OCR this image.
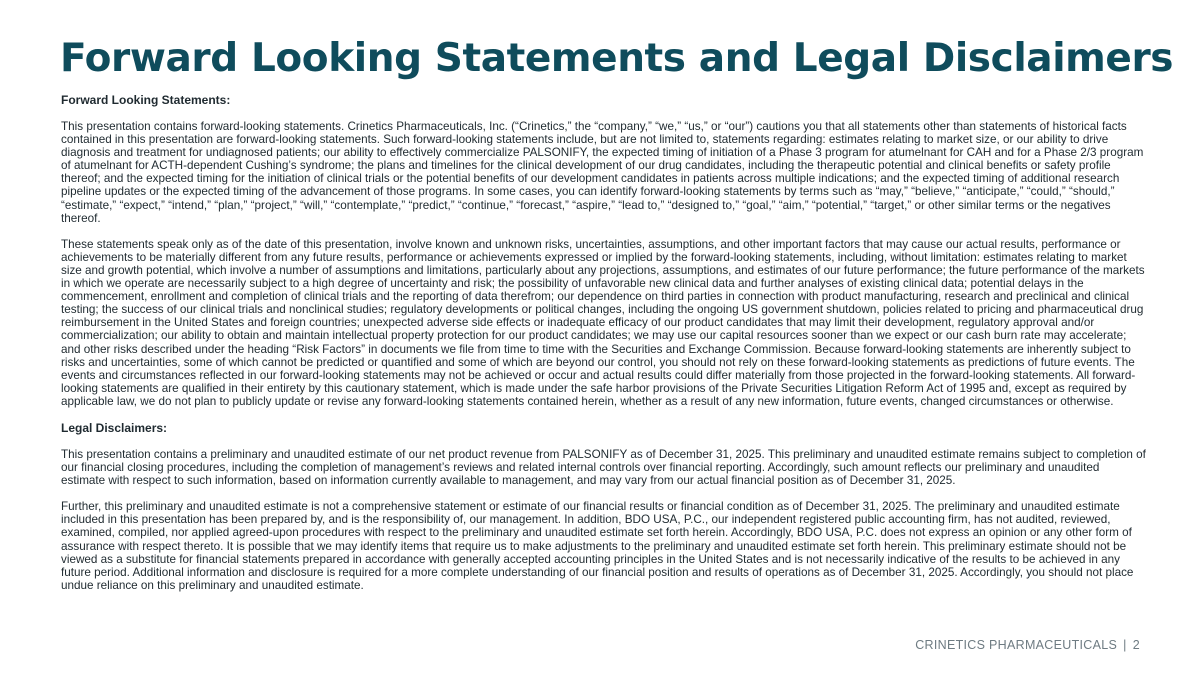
Forward Looking Statements and Legal Disclaimers
Forward Looking Statements:

This presentation contains forward-looking statements. Crinetics Pharmaceuticals, Inc. (“Crinetics,” the “company,” “we,” “us,” or “our”) cautions you that all statements other than statements of historical facts contained in this presentation are forward-looking statements. Such forward-looking statements include, but are not limited to, statements regarding: estimates relating to market size, or our ability to drive diagnosis and treatment for undiagnosed patients; our ability to effectively commercialize PALSONIFY, the expected timing of initiation of a Phase 3 program for atumelnant for CAH and for a Phase 2/3 program of atumelnant for ACTH-dependent Cushing’s syndrome; the plans and timelines for the clinical development of our drug candidates, including the therapeutic potential and clinical benefits or safety profile thereof; and the expected timing for the initiation of clinical trials or the potential benefits of our development candidates in patients across multiple indications; and the expected timing of additional research pipeline updates or the expected timing of the advancement of those programs. In some cases, you can identify forward-looking statements by terms such as “may,” “believe,” “anticipate,” “could,” “should,” “estimate,” “expect,” “intend,” “plan,” “project,” “will,” “contemplate,” “predict,” “continue,” “forecast,” “aspire,” “lead to,” “designed to,” “goal,” “aim,” “potential,” “target,” or other similar terms or the negatives thereof.

These statements speak only as of the date of this presentation, involve known and unknown risks, uncertainties, assumptions, and other important factors that may cause our actual results, performance or achievements to be materially different from any future results, performance or achievements expressed or implied by the forward-looking statements, including, without limitation: estimates relating to market size and growth potential, which involve a number of assumptions and limitations, particularly about any projections, assumptions, and estimates of our future performance; the future performance of the markets in which we operate are necessarily subject to a high degree of uncertainty and risk; the possibility of unfavorable new clinical data and further analyses of existing clinical data; potential delays in the commencement, enrollment and completion of clinical trials and the reporting of data therefrom; our dependence on third parties in connection with product manufacturing, research and preclinical and clinical testing; the success of our clinical trials and nonclinical studies; regulatory developments or political changes, including the ongoing US government shutdown, policies related to pricing and pharmaceutical drug reimbursement in the United States and foreign countries; unexpected adverse side effects or inadequate efficacy of our product candidates that may limit their development, regulatory approval and/or commercialization; our ability to obtain and maintain intellectual property protection for our product candidates; we may use our capital resources sooner than we expect or our cash burn rate may accelerate; and other risks described under the heading “Risk Factors” in documents we file from time to time with the Securities and Exchange Commission. Because forward-looking statements are inherently subject to risks and uncertainties, some of which cannot be predicted or quantified and some of which are beyond our control, you should not rely on these forward-looking statements as predictions of future events. The events and circumstances reflected in our forward-looking statements may not be achieved or occur and actual results could differ materially from those projected in the forward-looking statements. All forward-looking statements are qualified in their entirety by this cautionary statement, which is made under the safe harbor provisions of the Private Securities Litigation Reform Act of 1995 and, except as required by applicable law, we do not plan to publicly update or revise any forward-looking statements contained herein, whether as a result of any new information, future events, changed circumstances or otherwise.

Legal Disclaimers:

This presentation contains a preliminary and unaudited estimate of our net product revenue from PALSONIFY as of December 31, 2025. This preliminary and unaudited estimate remains subject to completion of our financial closing procedures, including the completion of management’s reviews and related internal controls over financial reporting. Accordingly, such amount reflects our preliminary and unaudited estimate with respect to such information, based on information currently available to management, and may vary from our actual financial position as of December 31, 2025.

Further, this preliminary and unaudited estimate is not a comprehensive statement or estimate of our financial results or financial condition as of December 31, 2025. The preliminary and unaudited estimate included in this presentation has been prepared by, and is the responsibility of, our management. In addition, BDO USA, P.C., our independent registered public accounting firm, has not audited, reviewed, examined, compiled, nor applied agreed-upon procedures with respect to the preliminary and unaudited estimate set forth herein. Accordingly, BDO USA, P.C. does not express an opinion or any other form of assurance with respect thereto. It is possible that we may identify items that require us to make adjustments to the preliminary and unaudited estimate set forth herein. This preliminary estimate should not be viewed as a substitute for financial statements prepared in accordance with generally accepted accounting principles in the United States and is not necessarily indicative of the results to be achieved in any future period. Additional information and disclosure is required for a more complete understanding of our financial position and results of operations as of December 31, 2025. Accordingly, you should not place undue reliance on this preliminary and unaudited estimate.

CRINETICS PHARMACEUTICALS | 2
